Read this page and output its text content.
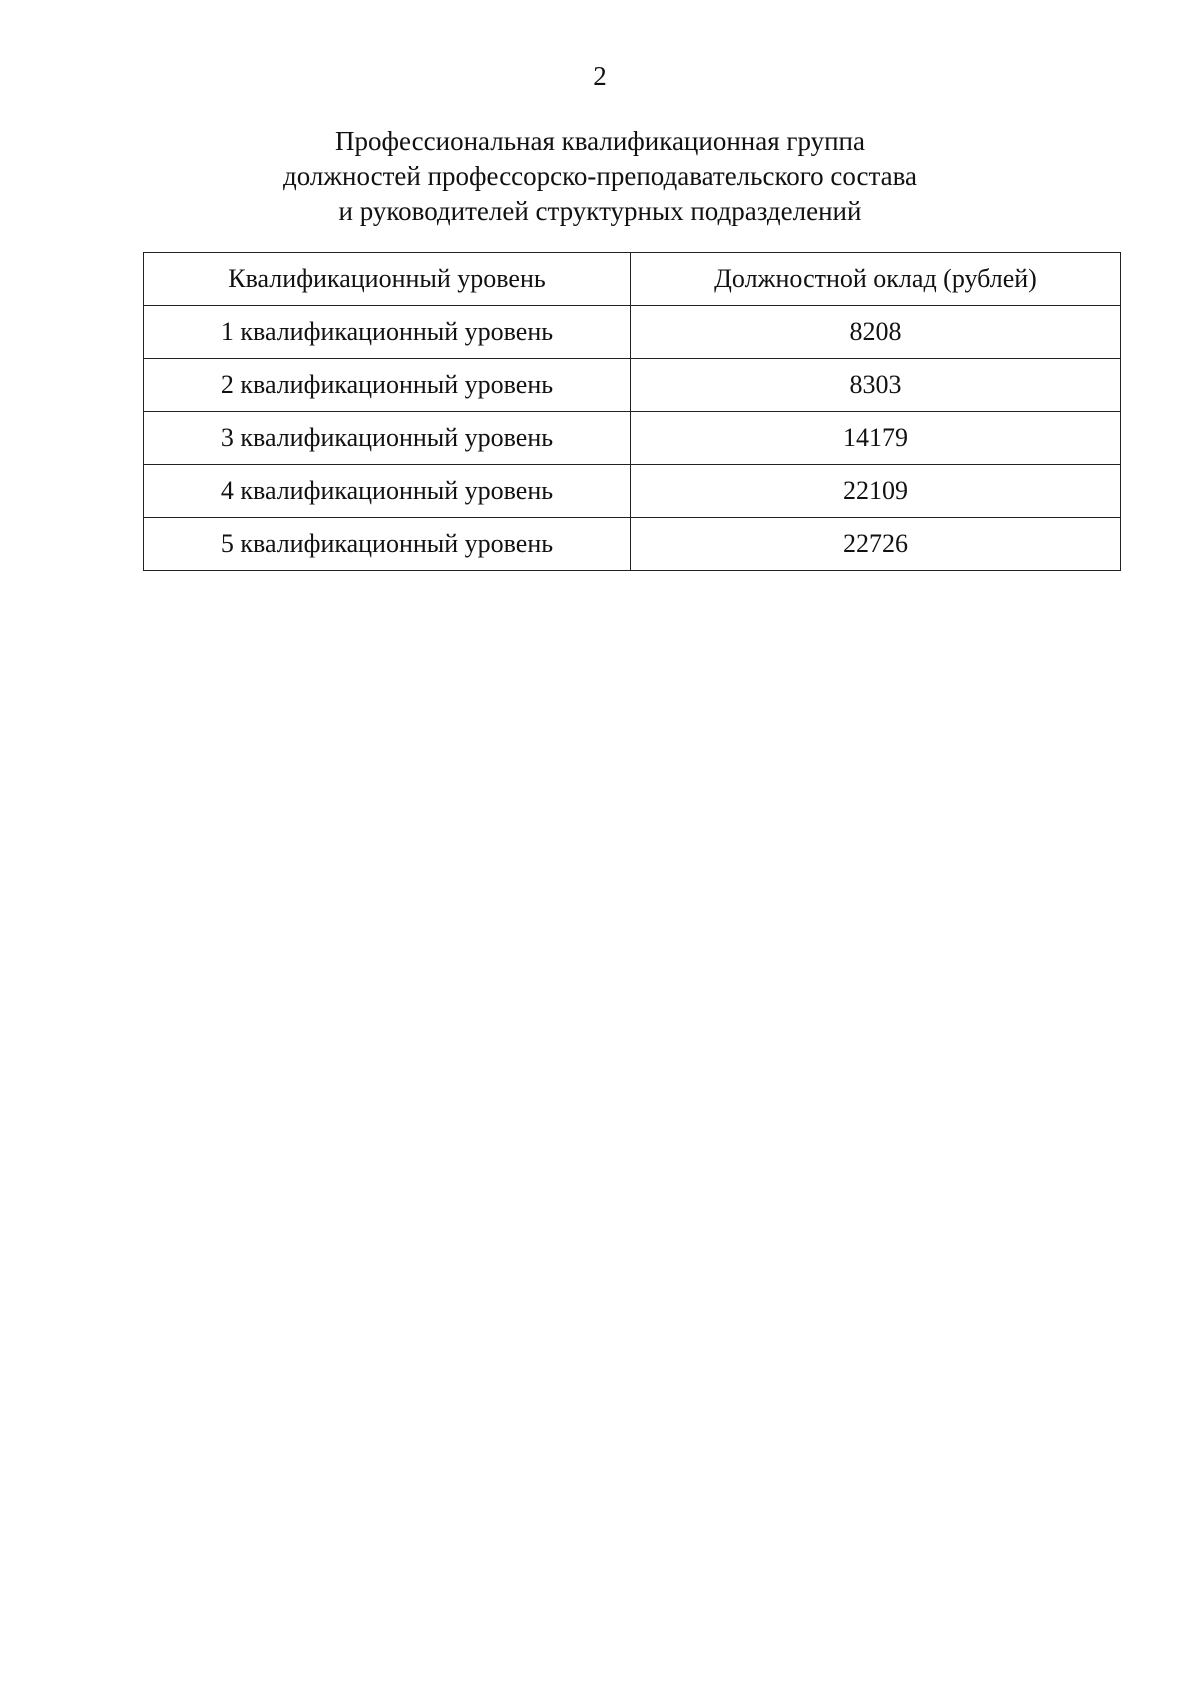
2
Профессиональная квалификационная группа
должностей профессорско-преподавательского состава
и руководителей структурных подразделений
Квалификационный уровень	Должностной оклад (рублей)
1 квалификационный уровень	8208
2 квалификационный уровень	8303
3 квалификационный уровень	14179
4 квалификационный уровень	22109
5 квалификационный уровень	22726
